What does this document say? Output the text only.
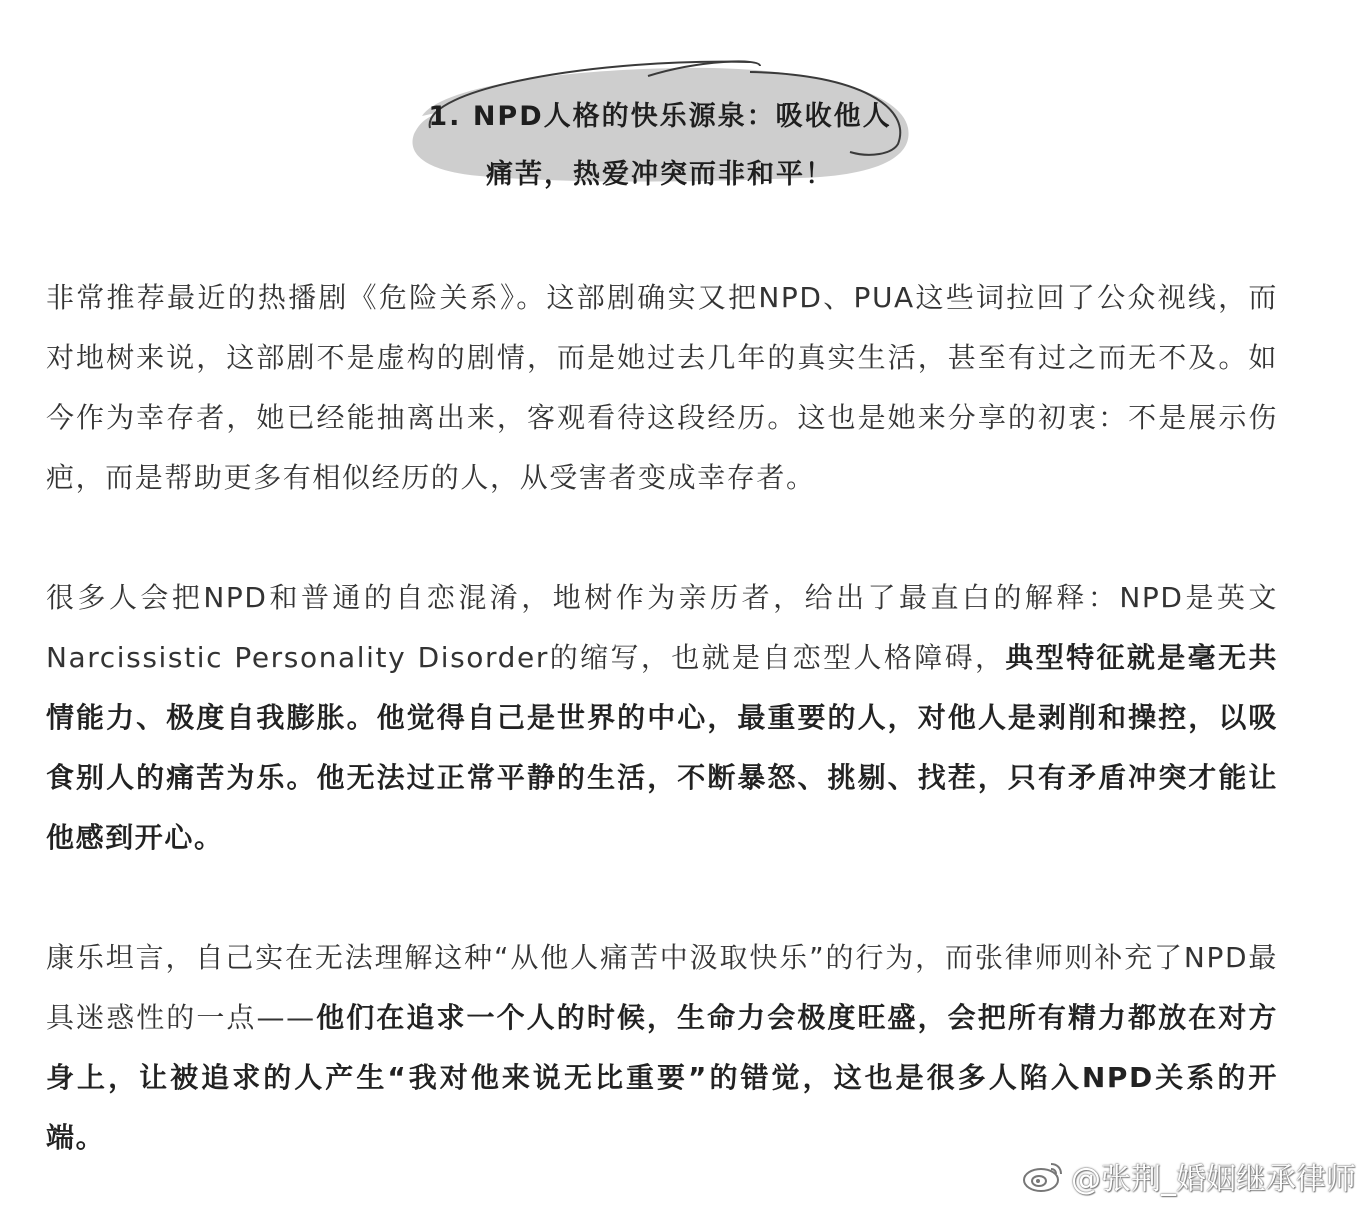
1. NPD人格的快乐源泉：吸收他人
痛苦，热爱冲突而非和平！
非常推荐最近的热播剧《危险关系》。这部剧确实又把NPD、PUA这些词拉回了公众视线，而对地树来说，这部剧不是虚构的剧情，而是她过去几年的真实生活，甚至有过之而无不及。如今作为幸存者，她已经能抽离出来，客观看待这段经历。这也是她来分享的初衷：不是展示伤疤，而是帮助更多有相似经历的人，从受害者变成幸存者。
很多人会把NPD和普通的自恋混淆，地树作为亲历者，给出了最直白的解释：NPD是英文Narcissistic Personality Disorder的缩写，也就是自恋型人格障碍，典型特征就是毫无共情能力、极度自我膨胀。他觉得自己是世界的中心，最重要的人，对他人是剥削和操控，以吸食别人的痛苦为乐。他无法过正常平静的生活，不断暴怒、挑剔、找茬，只有矛盾冲突才能让他感到开心。
康乐坦言，自己实在无法理解这种“从他人痛苦中汲取快乐”的行为，而张律师则补充了NPD最具迷惑性的一点——他们在追求一个人的时候，生命力会极度旺盛，会把所有精力都放在对方身上，让被追求的人产生“我对他来说无比重要”的错觉，这也是很多人陷入NPD关系的开端。
@张荆_婚姻继承律师
